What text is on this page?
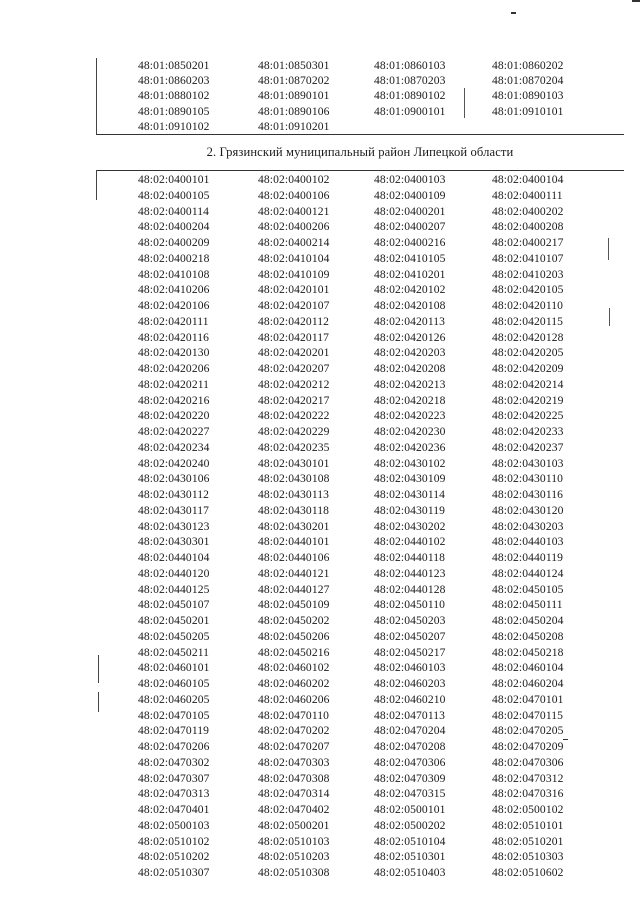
	48:01:0850201	48:01:0850301	48:01:0860103	48:01:0860202
	48:01:0860203	48:01:0870202	48:01:0870203	48:01:0870204
	48:01:0880102	48:01:0890101	48:01:0890102	48:01:0890103
	48:01:0890105	48:01:0890106	48:01:0900101	48:01:0910101
	48:01:0910102	48:01:0910201		
2. Грязинский муниципальный район Липецкой области
	48:02:0400101	48:02:0400102	48:02:0400103	48:02:0400104
	48:02:0400105	48:02:0400106	48:02:0400109	48:02:0400111
	48:02:0400114	48:02:0400121	48:02:0400201	48:02:0400202
	48:02:0400204	48:02:0400206	48:02:0400207	48:02:0400208
	48:02:0400209	48:02:0400214	48:02:0400216	48:02:0400217
	48:02:0400218	48:02:0410104	48:02:0410105	48:02:0410107
	48:02:0410108	48:02:0410109	48:02:0410201	48:02:0410203
	48:02:0410206	48:02:0420101	48:02:0420102	48:02:0420105
	48:02:0420106	48:02:0420107	48:02:0420108	48:02:0420110
	48:02:0420111	48:02:0420112	48:02:0420113	48:02:0420115
	48:02:0420116	48:02:0420117	48:02:0420126	48:02:0420128
	48:02:0420130	48:02:0420201	48:02:0420203	48:02:0420205
	48:02:0420206	48:02:0420207	48:02:0420208	48:02:0420209
	48:02:0420211	48:02:0420212	48:02:0420213	48:02:0420214
	48:02:0420216	48:02:0420217	48:02:0420218	48:02:0420219
	48:02:0420220	48:02:0420222	48:02:0420223	48:02:0420225
	48:02:0420227	48:02:0420229	48:02:0420230	48:02:0420233
	48:02:0420234	48:02:0420235	48:02:0420236	48:02:0420237
	48:02:0420240	48:02:0430101	48:02:0430102	48:02:0430103
	48:02:0430106	48:02:0430108	48:02:0430109	48:02:0430110
	48:02:0430112	48:02:0430113	48:02:0430114	48:02:0430116
	48:02:0430117	48:02:0430118	48:02:0430119	48:02:0430120
	48:02:0430123	48:02:0430201	48:02:0430202	48:02:0430203
	48:02:0430301	48:02:0440101	48:02:0440102	48:02:0440103
	48:02:0440104	48:02:0440106	48:02:0440118	48:02:0440119
	48:02:0440120	48:02:0440121	48:02:0440123	48:02:0440124
	48:02:0440125	48:02:0440127	48:02:0440128	48:02:0450105
	48:02:0450107	48:02:0450109	48:02:0450110	48:02:0450111
	48:02:0450201	48:02:0450202	48:02:0450203	48:02:0450204
	48:02:0450205	48:02:0450206	48:02:0450207	48:02:0450208
	48:02:0450211	48:02:0450216	48:02:0450217	48:02:0450218
	48:02:0460101	48:02:0460102	48:02:0460103	48:02:0460104
	48:02:0460105	48:02:0460202	48:02:0460203	48:02:0460204
	48:02:0460205	48:02:0460206	48:02:0460210	48:02:0470101
	48:02:0470105	48:02:0470110	48:02:0470113	48:02:0470115
	48:02:0470119	48:02:0470202	48:02:0470204	48:02:0470205
	48:02:0470206	48:02:0470207	48:02:0470208	48:02:0470209
	48:02:0470302	48:02:0470303	48:02:0470306	48:02:0470306
	48:02:0470307	48:02:0470308	48:02:0470309	48:02:0470312
	48:02:0470313	48:02:0470314	48:02:0470315	48:02:0470316
	48:02:0470401	48:02:0470402	48:02:0500101	48:02:0500102
	48:02:0500103	48:02:0500201	48:02:0500202	48:02:0510101
	48:02:0510102	48:02:0510103	48:02:0510104	48:02:0510201
	48:02:0510202	48:02:0510203	48:02:0510301	48:02:0510303
	48:02:0510307	48:02:0510308	48:02:0510403	48:02:0510602
